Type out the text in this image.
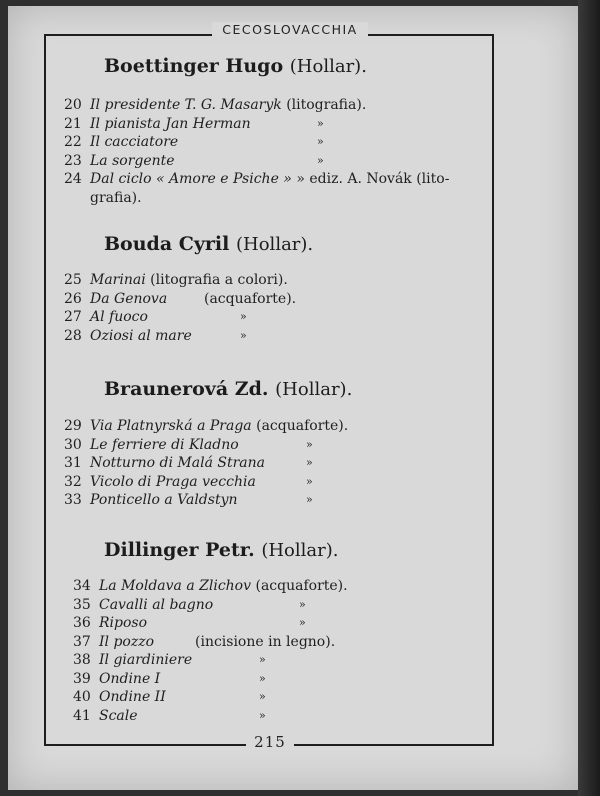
CECOSLOVACCHIA
Boettinger Hugo (Hollar).
20 Il presidente T. G. Masaryk (litografia).
21 Il pianista Jan Herman	»
22 Il cacciatore	»
23 La sorgente	»
24 Dal ciclo « Amore e Psiche » » ediz. A. Novák (lito-
grafia).
Bouda Cyril (Hollar).
25 Marinai (litografia a colori).
26 Da Genova	(acquaforte).
27 Al fuoco	»
28 Oziosi al mare	»
Braunerová Zd. (Hollar).
29 Via Platnyrská a Praga (acquaforte).
30 Le ferriere di Kladno	»
31 Notturno di Malá Strana	»
32 Vicolo di Praga vecchia	»
33 Ponticello a Valdstyn	»
Dillinger Petr. (Hollar).
34 La Moldava a Zlichov (acquaforte).
35 Cavalli al bagno	»
36 Riposo	»
37 Il pozzo	(incisione in legno).
38 Il giardiniere	»
39 Ondine I	»
40 Ondine II	»
41 Scale	»
215
